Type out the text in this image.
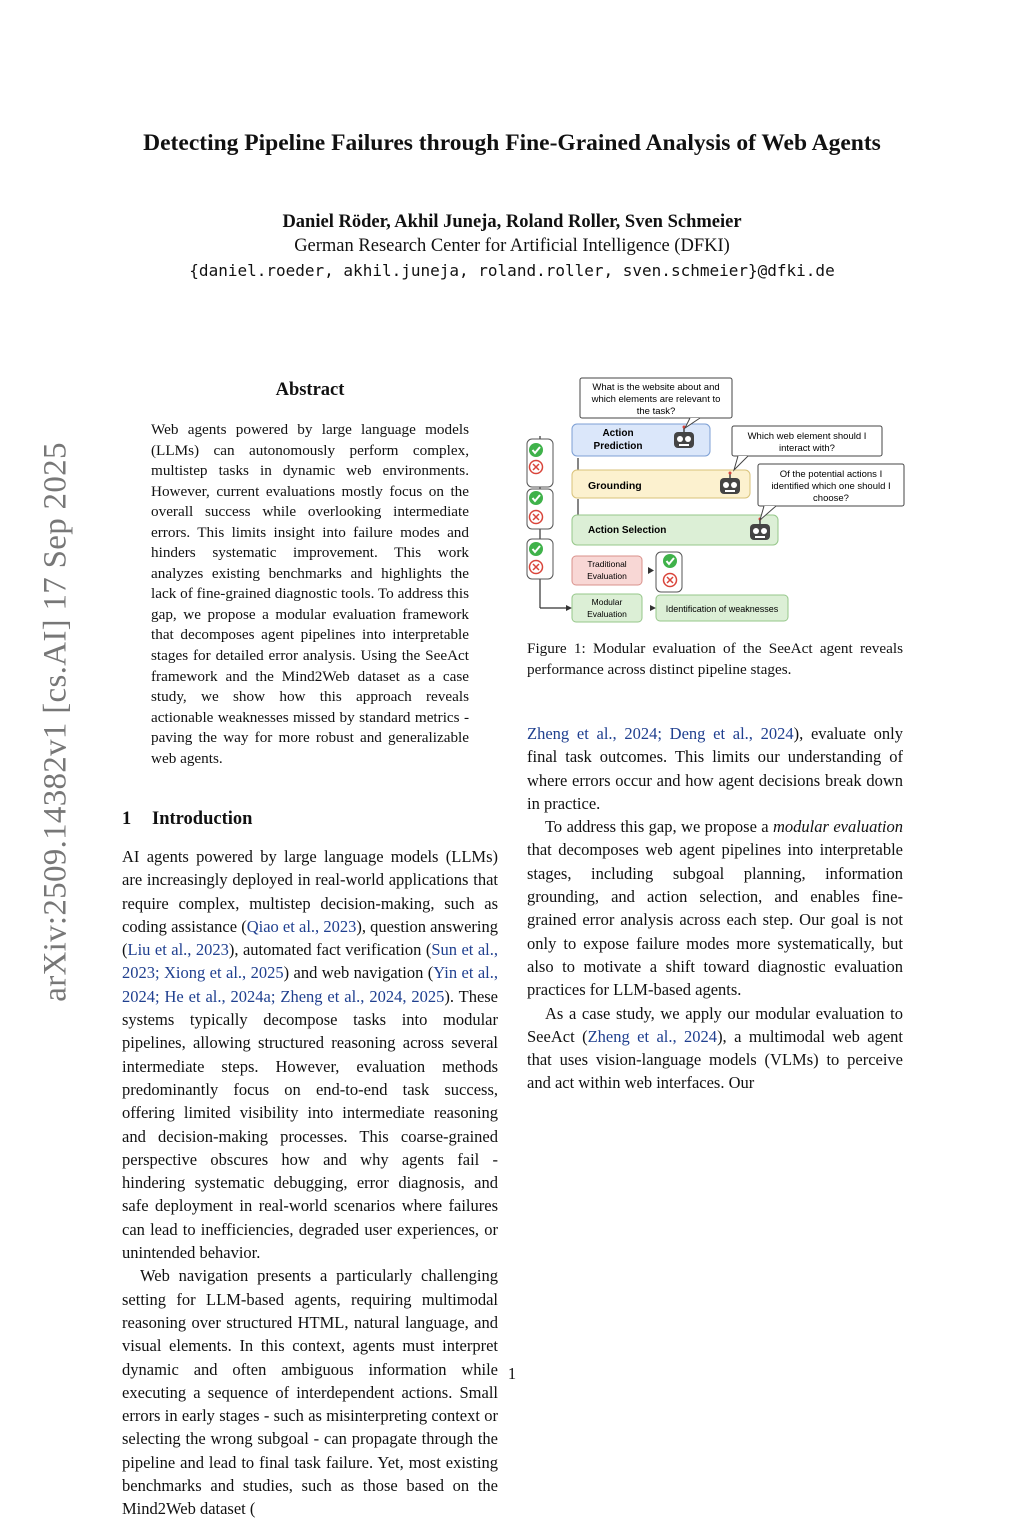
arXiv:2509.14382v1 [cs.AI] 17 Sep 2025
Detecting Pipeline Failures through Fine-Grained Analysis of Web Agents
Daniel Röder, Akhil Juneja, Roland Roller, Sven Schmeier
German Research Center for Artificial Intelligence (DFKI)
{daniel.roeder, akhil.juneja, roland.roller, sven.schmeier}@dfki.de
Abstract
Web agents powered by large language models (LLMs) can autonomously perform complex, multistep tasks in dynamic web environments. However, current evaluations mostly focus on the overall success while overlooking intermediate errors. This limits insight into failure modes and hinders systematic improvement. This work analyzes existing benchmarks and highlights the lack of fine-grained diagnostic tools. To address this gap, we propose a modular evaluation framework that decomposes agent pipelines into interpretable stages for detailed error analysis. Using the SeeAct framework and the Mind2Web dataset as a case study, we show how this approach reveals actionable weaknesses missed by standard metrics - paving the way for more robust and generalizable web agents.
1 Introduction

AI agents powered by large language models (LLMs) are increasingly deployed in real-world applications that require complex, multistep decision-making, such as coding assistance (Qiao et al., 2023), question answering (Liu et al., 2023), automated fact verification (Sun et al., 2023; Xiong et al., 2025) and web navigation (Yin et al., 2024; He et al., 2024a; Zheng et al., 2024, 2025). These systems typically decompose tasks into modular pipelines, allowing structured reasoning across several intermediate steps. However, evaluation methods predominantly focus on end-to-end task success, offering limited visibility into intermediate reasoning and decision-making processes. This coarse-grained perspective obscures how and why agents fail - hindering systematic debugging, error diagnosis, and safe deployment in real-world scenarios where failures can lead to inefficiencies, degraded user experiences, or unintended behavior.

Web navigation presents a particularly challenging setting for LLM-based agents, requiring multimodal reasoning over structured HTML, natural language, and visual elements. In this context, agents must interpret dynamic and often ambiguous information while executing a sequence of interdependent actions. Small errors in early stages - such as misinterpreting context or selecting the wrong subgoal - can propagate through the pipeline and lead to final task failure. Yet, most existing benchmarks and studies, such as those based on the Mind2Web dataset (

Zheng et al., 2024; Deng et al., 2024), evaluate only final task outcomes. This limits our understanding of where errors occur and how agent decisions break down in practice.

To address this gap, we propose a modular evaluation that decomposes web agent pipelines into interpretable stages, including subgoal planning, information grounding, and action selection, and enables fine-grained error analysis across each step. Our goal is not only to expose failure modes more systematically, but also to motivate a shift toward diagnostic evaluation practices for LLM-based agents.

As a case study, we apply our modular evaluation to SeeAct (Zheng et al., 2024), a multimodal web agent that uses vision-language models (VLMs) to perceive and act within web interfaces. Our

Action
Prediction
Grounding
Action Selection
What is the website about and
which elements are relevant to
the task?
Which web element should I
interact with?
Of the potential actions I
identified which one should I
choose?
Traditional
Evaluation
Modular
Evaluation	Identification of weaknesses
Figure 1: Modular evaluation of the SeeAct agent reveals performance across distinct pipeline stages.
1
